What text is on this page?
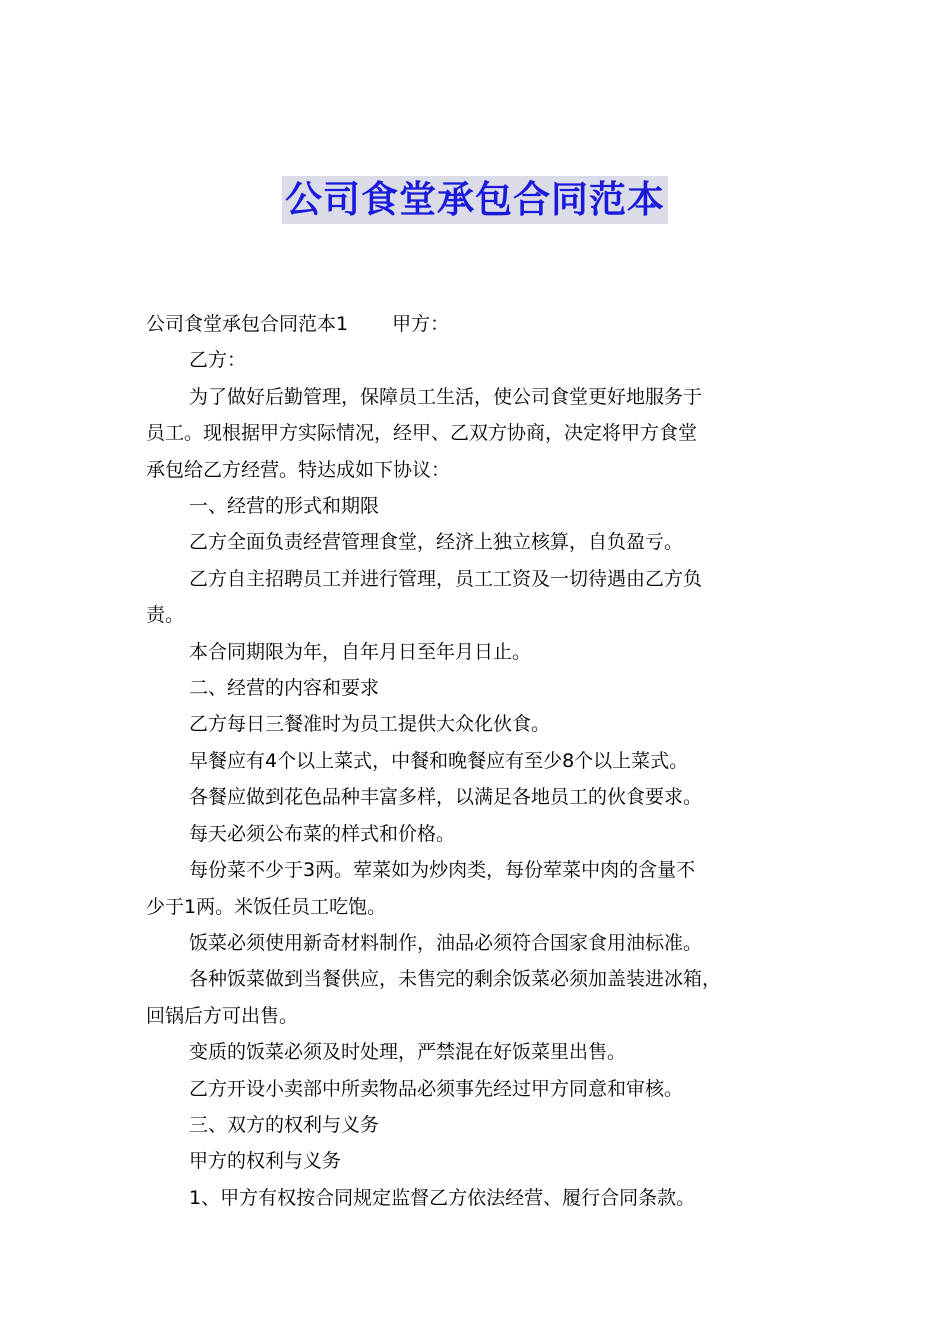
公司食堂承包合同范本

公司食堂承包合同范本1 甲方：

乙方：

为了做好后勤管理，保障员工生活，使公司食堂更好地服务于

员工。现根据甲方实际情况，经甲、乙双方协商，决定将甲方食堂

承包给乙方经营。特达成如下协议：

一、经营的形式和期限

乙方全面负责经营管理食堂，经济上独立核算，自负盈亏。

乙方自主招聘员工并进行管理，员工工资及一切待遇由乙方负

责。

本合同期限为年，自年月日至年月日止。

二、经营的内容和要求

乙方每日三餐准时为员工提供大众化伙食。

早餐应有4个以上菜式，中餐和晚餐应有至少8个以上菜式。

各餐应做到花色品种丰富多样，以满足各地员工的伙食要求。

每天必须公布菜的样式和价格。

每份菜不少于3两。荤菜如为炒肉类，每份荤菜中肉的含量不

少于1两。米饭任员工吃饱。

饭菜必须使用新奇材料制作，油品必须符合国家食用油标准。

各种饭菜做到当餐供应，未售完的剩余饭菜必须加盖装进冰箱，

回锅后方可出售。

变质的饭菜必须及时处理，严禁混在好饭菜里出售。

乙方开设小卖部中所卖物品必须事先经过甲方同意和审核。

三、双方的权利与义务

甲方的权利与义务

1、甲方有权按合同规定监督乙方依法经营、履行合同条款。
